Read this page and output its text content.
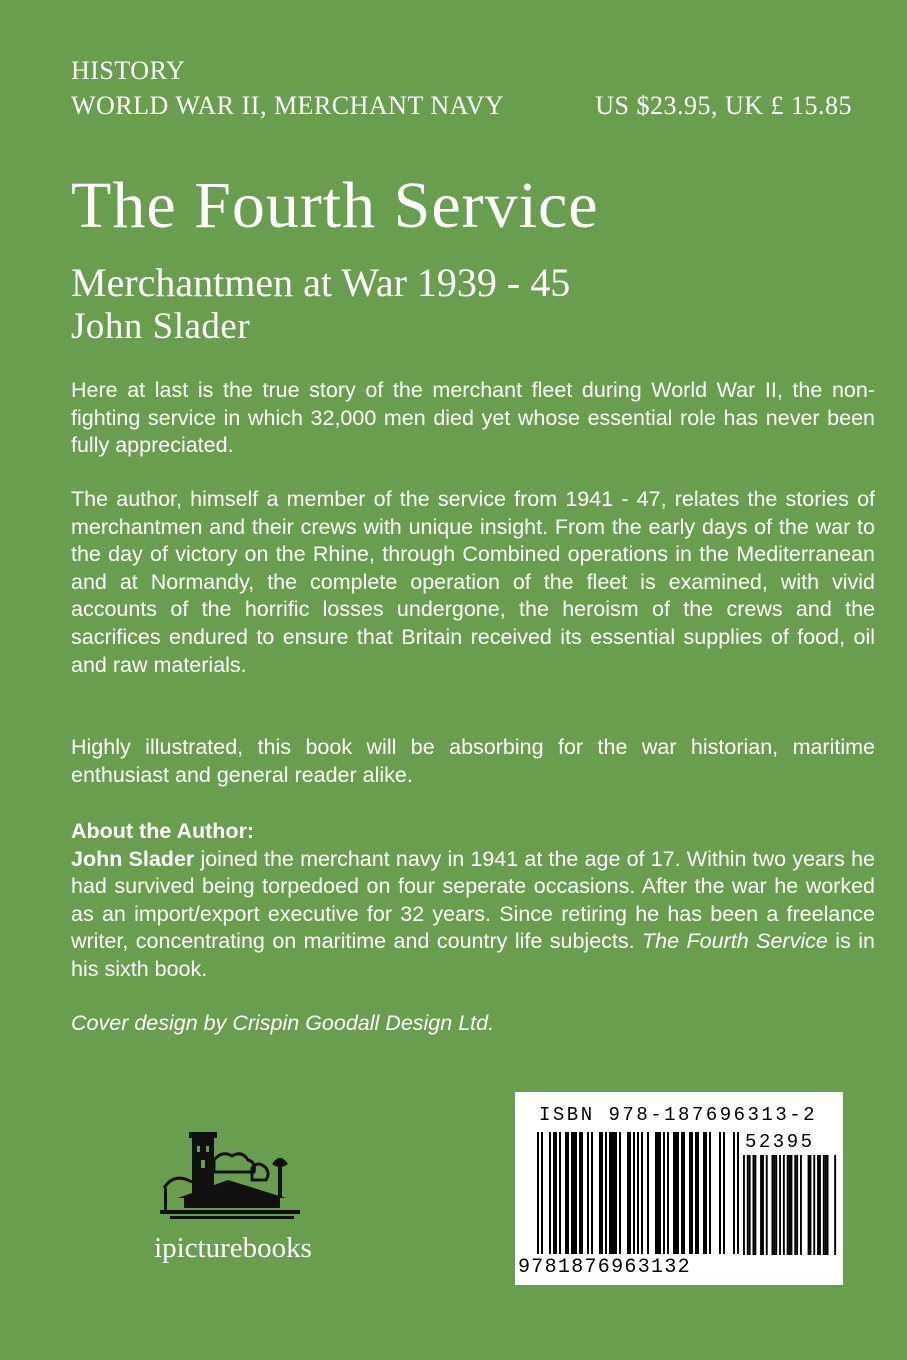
HISTORY
WORLD WAR II, MERCHANT NAVY	US $23.95, UK £ 15.85
The Fourth Service
Merchantmen at War 1939 - 45
John Slader

Here at last is the true story of the merchant fleet during World War II, the non-fighting service in which 32,000 men died yet whose essential role has never been fully appreciated.

The author, himself a member of the service from 1941 - 47, relates the stories of merchantmen and their crews with unique insight. From the early days of the war to the day of victory on the Rhine, through Combined operations in the Mediterranean and at Normandy, the complete operation of the fleet is examined, with vivid accounts of the horrific losses undergone, the heroism of the crews and the sacrifices endured to ensure that Britain received its essential supplies of food, oil and raw materials.

Highly illustrated, this book will be absorbing for the war historian, maritime enthusiast and general reader alike.

About the Author:
John Slader joined the merchant navy in 1941 at the age of 17. Within two years he had survived being torpedoed on four seperate occasions. After the war he worked as an import/export executive for 32 years. Since retiring he has been a freelance writer, concentrating on maritime and country life subjects. The Fourth Service is in his sixth book.
Cover design by Crispin Goodall Design Ltd.
ipicturebooks
ISBN 978-187696313-2
52395
9781876963132
